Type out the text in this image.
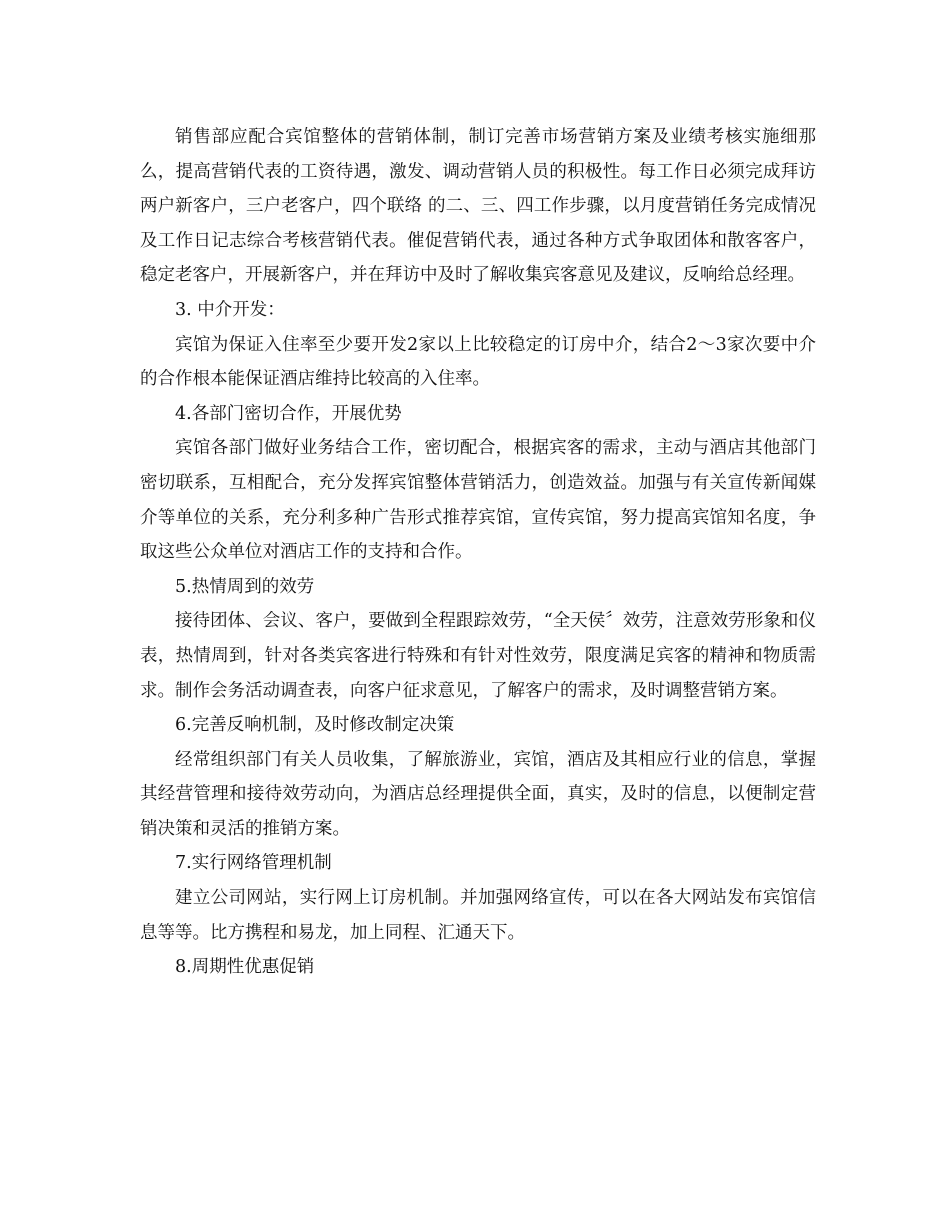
销售部应配合宾馆整体的营销体制，制订完善市场营销方案及业绩考核实施细那么，提高营销代表的工资待遇，激发、调动营销人员的积极性。每工作日必须完成拜访两户新客户，三户老客户，四个联络 的二、三、四工作步骤，以月度营销任务完成情况及工作日记志综合考核营销代表。催促营销代表，通过各种方式争取团体和散客客户，稳定老客户，开展新客户，并在拜访中及时了解收集宾客意见及建议，反响给总经理。

3. 中介开发：

宾馆为保证入住率至少要开发2家以上比较稳定的订房中介，结合2～3家次要中介的合作根本能保证酒店维持比较高的入住率。

4.各部门密切合作，开展优势

宾馆各部门做好业务结合工作，密切配合，根据宾客的需求，主动与酒店其他部门密切联系，互相配合，充分发挥宾馆整体营销活力，创造效益。加强与有关宣传新闻媒介等单位的关系，充分利多种广告形式推荐宾馆，宣传宾馆，努力提高宾馆知名度，争取这些公众单位对酒店工作的支持和合作。

5.热情周到的效劳

接待团体、会议、客户，要做到全程跟踪效劳，“全天侯〞效劳，注意效劳形象和仪表，热情周到，针对各类宾客进行特殊和有针对性效劳，限度满足宾客的精神和物质需求。制作会务活动调查表，向客户征求意见，了解客户的需求，及时调整营销方案。

6.完善反响机制，及时修改制定决策

经常组织部门有关人员收集，了解旅游业，宾馆，酒店及其相应行业的信息，掌握其经营管理和接待效劳动向，为酒店总经理提供全面，真实，及时的信息，以便制定营销决策和灵活的推销方案。

7.实行网络管理机制

建立公司网站，实行网上订房机制。并加强网络宣传，可以在各大网站发布宾馆信息等等。比方携程和易龙，加上同程、汇通天下。

8.周期性优惠促销
